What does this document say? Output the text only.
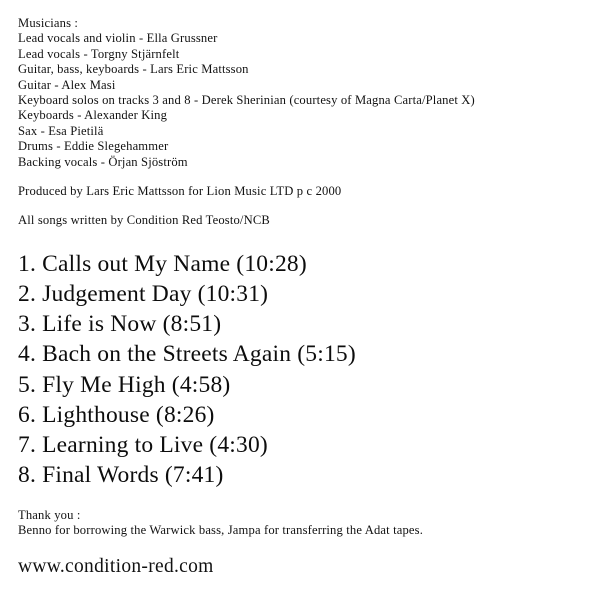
Musicians :
Lead vocals and violin - Ella Grussner
Lead vocals - Torgny Stjärnfelt
Guitar, bass, keyboards - Lars Eric Mattsson
Guitar - Alex Masi
Keyboard solos on tracks 3 and 8 - Derek Sherinian (courtesy of Magna Carta/Planet X)
Keyboards - Alexander King
Sax - Esa Pietilä
Drums - Eddie Slegehammer
Backing vocals - Örjan Sjöström
Produced by Lars Eric Mattsson for Lion Music LTD p c 2000
All songs written by Condition Red Teosto/NCB
1. Calls out My Name (10:28)
2. Judgement Day (10:31)
3. Life is Now (8:51)
4. Bach on the Streets Again (5:15)
5. Fly Me High (4:58)
6. Lighthouse (8:26)
7. Learning to Live (4:30)
8. Final Words (7:41)
Thank you :
Benno for borrowing the Warwick bass, Jampa for transferring the Adat tapes.
www.condition-red.com
